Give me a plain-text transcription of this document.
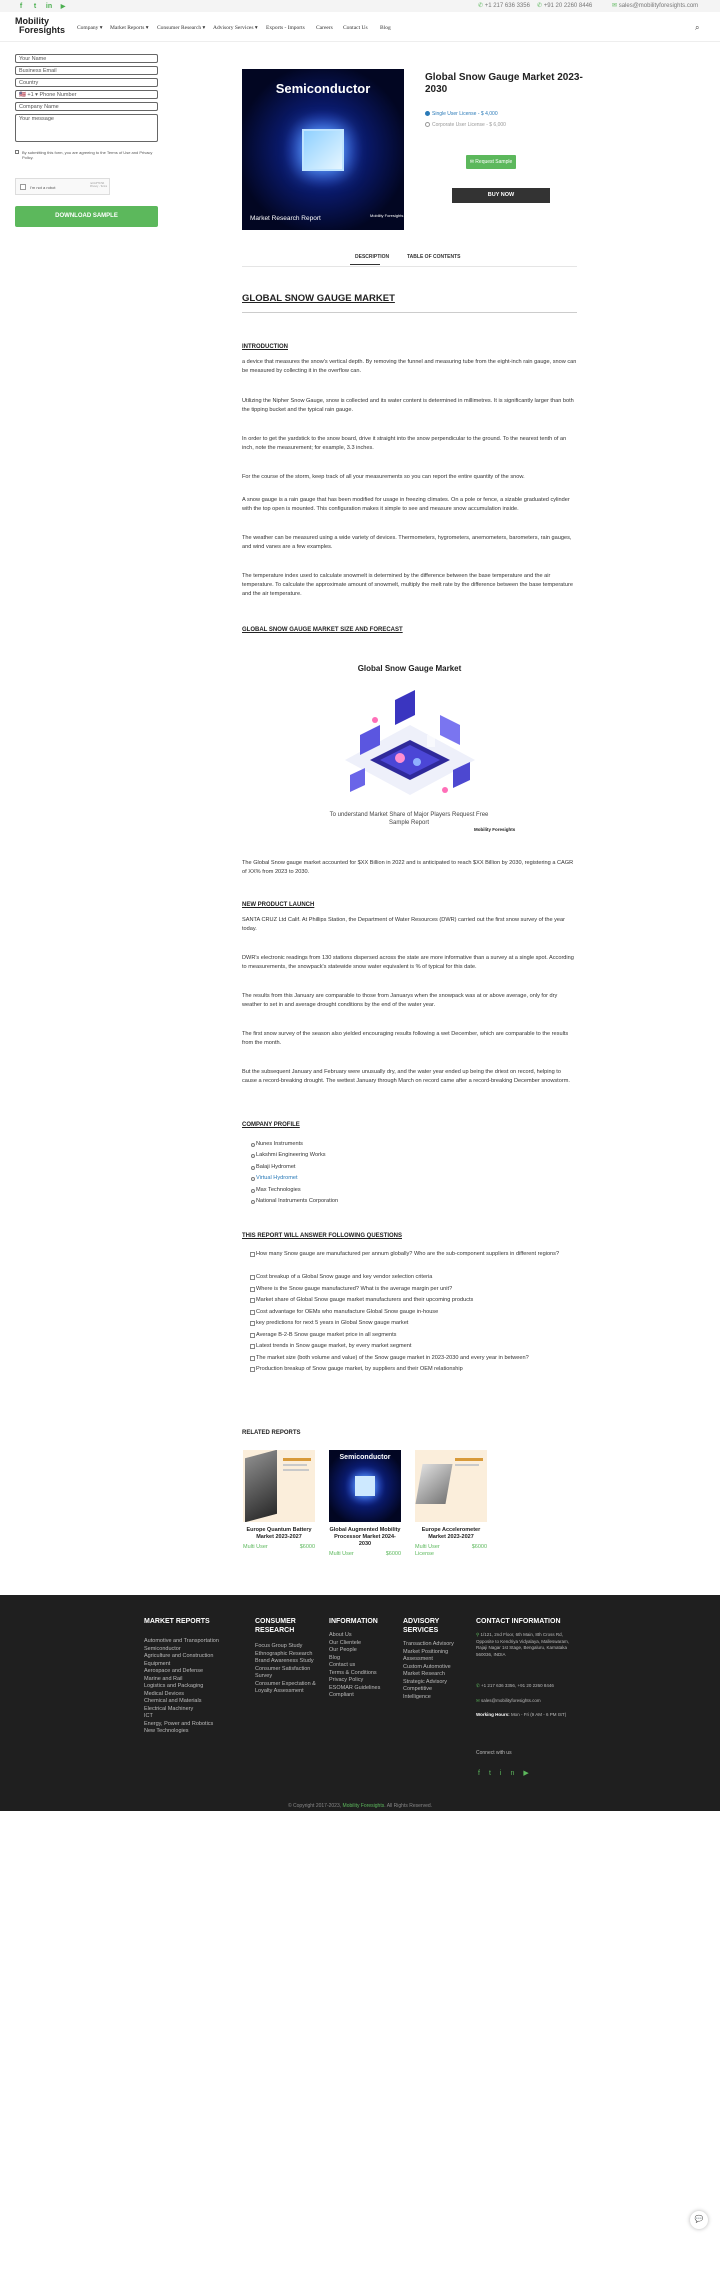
f	t	in	▶	✆ +1 217 636 3356 ✆ +91 20 2260 8446	✉ sales@mobilityforesights.com
Mobility
Foresights Company ▾ Market Reports ▾ Consumer Research ▾ Advisory Services ▾ Exports - Imports Careers Contact Us Blog	⌕
Your Name
Business Email
Country
🇺🇸 +1 ▾ Phone Number
Company Name
Your message
By submitting this form, you are agreeing to the Terms of Use and Privacy Policy.
I'm not a robot
reCAPTCHA Privacy - Terms
DOWNLOAD SAMPLE
Semiconductor
Market Research Report	Mobility Foresights
Global Snow Gauge Market 2023-2030
Single User License - $ 4,000
Corporate User License - $ 6,000
✉ Request Sample
BUY NOW
DESCRIPTION	TABLE OF CONTENTS
GLOBAL SNOW GAUGE MARKET
INTRODUCTION
a device that measures the snow's vertical depth. By removing the funnel and measuring tube from the eight-inch rain gauge, snow can be measured by collecting it in the overflow can.
Utilizing the Nipher Snow Gauge, snow is collected and its water content is determined in millimetres. It is significantly larger than both the tipping bucket and the typical rain gauge.
In order to get the yardstick to the snow board, drive it straight into the snow perpendicular to the ground. To the nearest tenth of an inch, note the measurement; for example, 3.3 inches.
For the course of the storm, keep track of all your measurements so you can report the entire quantity of the snow.
A snow gauge is a rain gauge that has been modified for usage in freezing climates. On a pole or fence, a sizable graduated cylinder with the top open is mounted. This configuration makes it simple to see and measure snow accumulation inside.
The weather can be measured using a wide variety of devices. Thermometers, hygrometers, anemometers, barometers, rain gauges, and wind vanes are a few examples.
The temperature index used to calculate snowmelt is determined by the difference between the base temperature and the air temperature. To calculate the approximate amount of snowmelt, multiply the melt rate by the difference between the base temperature and the air temperature.
GLOBAL SNOW GAUGE MARKET SIZE AND FORECAST
Global Snow Gauge Market
To understand Market Share of Major Players Request Free Sample Report
Mobility Foresights
The Global Snow gauge market accounted for $XX Billion in 2022 and is anticipated to reach $XX Billion by 2030, registering a CAGR of XX% from 2023 to 2030.
NEW PRODUCT LAUNCH
SANTA CRUZ Ltd Calif. At Phillips Station, the Department of Water Resources (DWR) carried out the first snow survey of the year today.
DWR's electronic readings from 130 stations dispersed across the state are more informative than a survey at a single spot. According to measurements, the snowpack's statewide snow water equivalent is % of typical for this date.
The results from this January are comparable to those from Januarys when the snowpack was at or above average, only for dry weather to set in and average drought conditions by the end of the water year.
The first snow survey of the season also yielded encouraging results following a wet December, which are comparable to the results from the month.
But the subsequent January and February were unusually dry, and the water year ended up being the driest on record, helping to cause a record-breaking drought. The wettest January through March on record came after a record-breaking December snowstorm.
COMPANY PROFILE
Nunes Instruments
Lakshmi Engineering Works
Balaji Hydromet
Virtual Hydromet
Max Technologies
National Instruments Corporation
THIS REPORT WILL ANSWER FOLLOWING QUESTIONS
How many Snow gauge are manufactured per annum globally? Who are the sub-component suppliers in different regions?
Cost breakup of a Global Snow gauge and key vendor selection criteria
Where is the Snow gauge manufactured? What is the average margin per unit?
Market share of Global Snow gauge market manufacturers and their upcoming products
Cost advantage for OEMs who manufacture Global Snow gauge in-house
key predictions for next 5 years in Global Snow gauge market
Average B-2-B Snow gauge market price in all segments
Latest trends in Snow gauge market, by every market segment
The market size (both volume and value) of the Snow gauge market in 2023-2030 and every year in between?
Production breakup of Snow gauge market, by suppliers and their OEM relationship
RELATED REPORTS
Europe Quantum Battery Market 2023-2027
Multi User	$6000
Semiconductor
Global Augmented Mobility Processor Market 2024-2030
Multi User	$6000
Europe Accelerometer Market 2023-2027
Multi User License
$6000
MARKET REPORTS
Automotive and Transportation
Semiconductor
Agriculture and Construction Equipment
Aerospace and Defense
Marine and Rail
Logistics and Packaging
Medical Devices
Chemical and Materials
Electrical Machinery
ICT
Energy, Power and Robotics
New Technologies
CONSUMER RESEARCH
Focus Group Study
Ethnographic Research
Brand Awareness Study
Consumer Satisfaction Survey
Consumer Expectation & Loyalty Assessment
INFORMATION
About Us
Our Clientele
Our People
Blog
Contact us
Terms & Conditions
Privacy Policy
ESOMAR Guidelines Compliant
ADVISORY SERVICES
Transaction Advisory
Market Positioning Assessment
Custom Automotive Market Research
Strategic Advisory
Competitive Intelligence
CONTACT INFORMATION
⚲ 1/121, 2nd Floor, 6th Main, 8th Cross Rd, Opposite to Kendriya Vidyalaya, Malleswaram, Rajaji Nagar 1st Stage, Bengaluru, Karnataka 560036, INDIA
✆ +1 217 636 3356, +91 20 2260 8446
✉ sales@mobilityforesights.com
Working Hours: Mon - Fri (9 AM - 6 PM IST)
Connect with us
ftin▶
© Copyright 2017-2023, Mobility Foresights. All Rights Reserved.
💬
